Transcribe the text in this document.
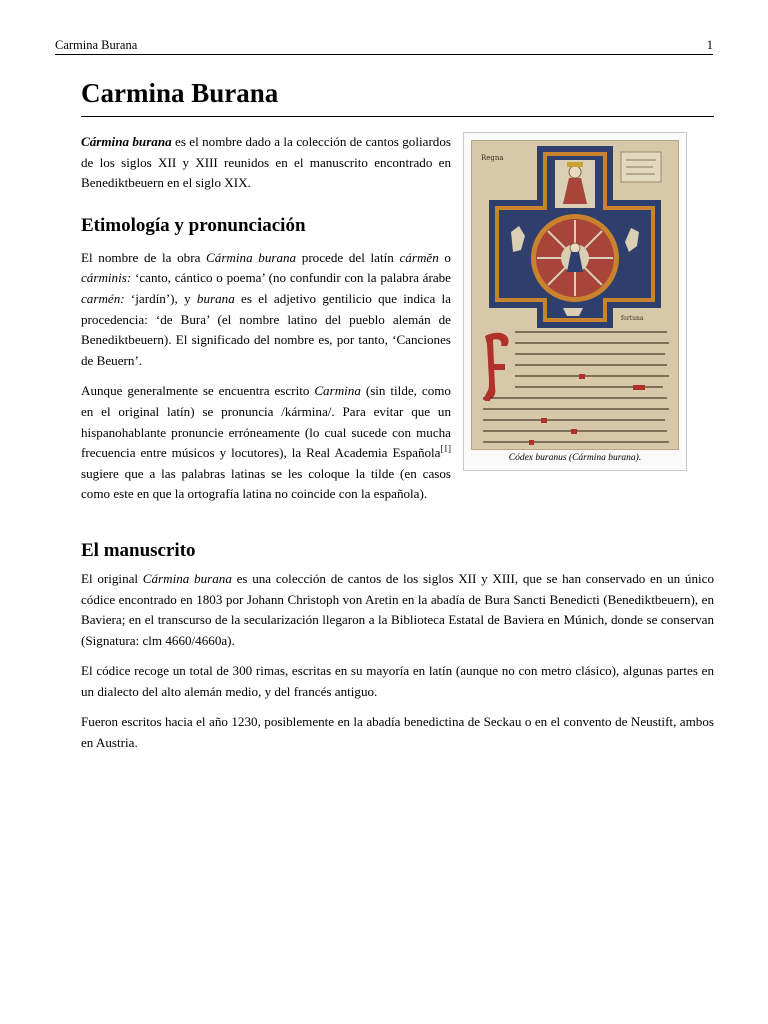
Carmina Burana	1
Carmina Burana

Cármina burana es el nombre dado a la colección de cantos goliardos de los siglos XII y XIII reunidos en el manuscrito encontrado en Benediktbeuern en el siglo XIX.

Etimología y pronunciación

El nombre de la obra Cármina burana procede del latín cármĕn o cárminis: ‘canto, cántico o poema’ (no confundir con la palabra árabe carmén: ‘jardín’), y burana es el adjetivo gentilicio que indica la procedencia: ‘de Bura’ (el nombre latino del pueblo alemán de Benediktbeuern). El significado del nombre es, por tanto, ‘Canciones de Beuern’.

Aunque generalmente se encuentra escrito Carmina (sin tilde, como en el original latín) se pronuncia /kármina/. Para evitar que un hispanohablante pronuncie erróneamente (lo cual sucede con mucha frecuencia entre músicos y locutores), la Real Academia Española[1] sugiere que a las palabras latinas se les coloque la tilde (en casos como este en que la ortografía latina no coincide con la española).

El manuscrito

El original Cármina burana es una colección de cantos de los siglos XII y XIII, que se han conservado en un único códice encontrado en 1803 por Johann Christoph von Aretin en la abadía de Bura Sancti Benedicti (Benediktbeuern), en Baviera; en el transcurso de la secularización llegaron a la Biblioteca Estatal de Baviera en Múnich, donde se conservan (Signatura: clm 4660/4660a).

El códice recoge un total de 300 rimas, escritas en su mayoría en latín (aunque no con metro clásico), algunas partes en un dialecto del alto alemán medio, y del francés antiguo.

Fueron escritos hacia el año 1230, posiblemente en la abadía benedictina de Seckau o en el convento de Neustift, ambos en Austria.

Regna
fortuna
Códex buranus (Cármina burana).
